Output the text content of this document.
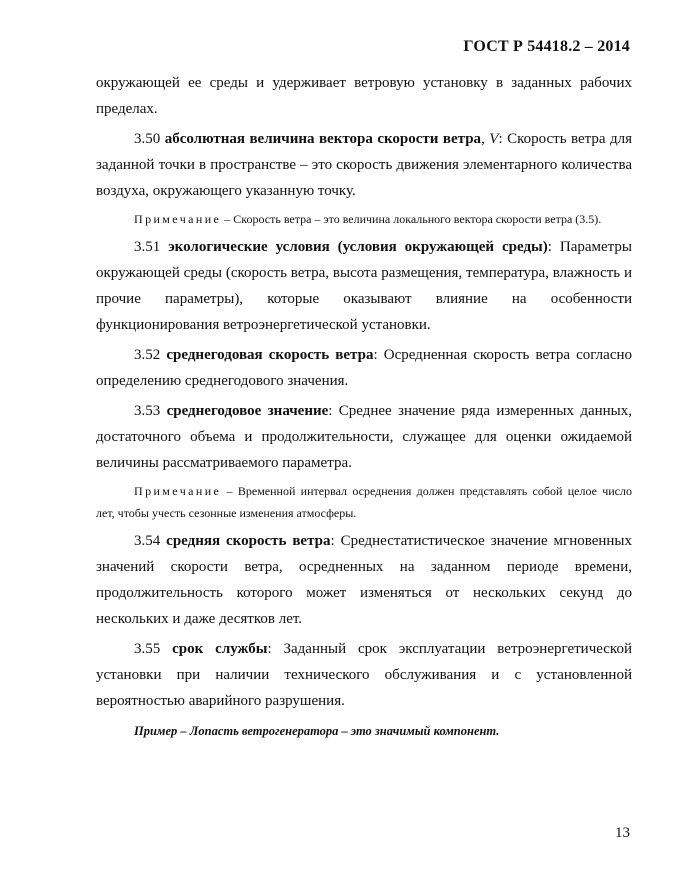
ГОСТ Р 54418.2 – 2014

окружающей ее среды и удерживает ветровую установку в заданных рабочих пределах.

3.50 абсолютная величина вектора скорости ветра, V: Скорость ветра для заданной точки в пространстве – это скорость движения элементарного количества воздуха, окружающего указанную точку.

Примечание – Скорость ветра – это величина локального вектора скорости ветра (3.5).

3.51 экологические условия (условия окружающей среды): Параметры окружающей среды (скорость ветра, высота размещения, температура, влажность и прочие параметры), которые оказывают влияние на особенности функционирования ветроэнергетической установки.

3.52 среднегодовая скорость ветра: Осредненная скорость ветра согласно определению среднегодового значения.

3.53 среднегодовое значение: Среднее значение ряда измеренных данных, достаточного объема и продолжительности, служащее для оценки ожидаемой величины рассматриваемого параметра.

Примечание – Временной интервал осреднения должен представлять собой целое число лет, чтобы учесть сезонные изменения атмосферы.

3.54 средняя скорость ветра: Среднестатистическое значение мгновенных значений скорости ветра, осредненных на заданном периоде времени, продолжительность которого может изменяться от нескольких секунд до нескольких и даже десятков лет.

3.55 срок службы: Заданный срок эксплуатации ветроэнергетической установки при наличии технического обслуживания и с установленной вероятностью аварийного разрушения.

Пример – Лопасть ветрогенератора – это значимый компонент.

13
